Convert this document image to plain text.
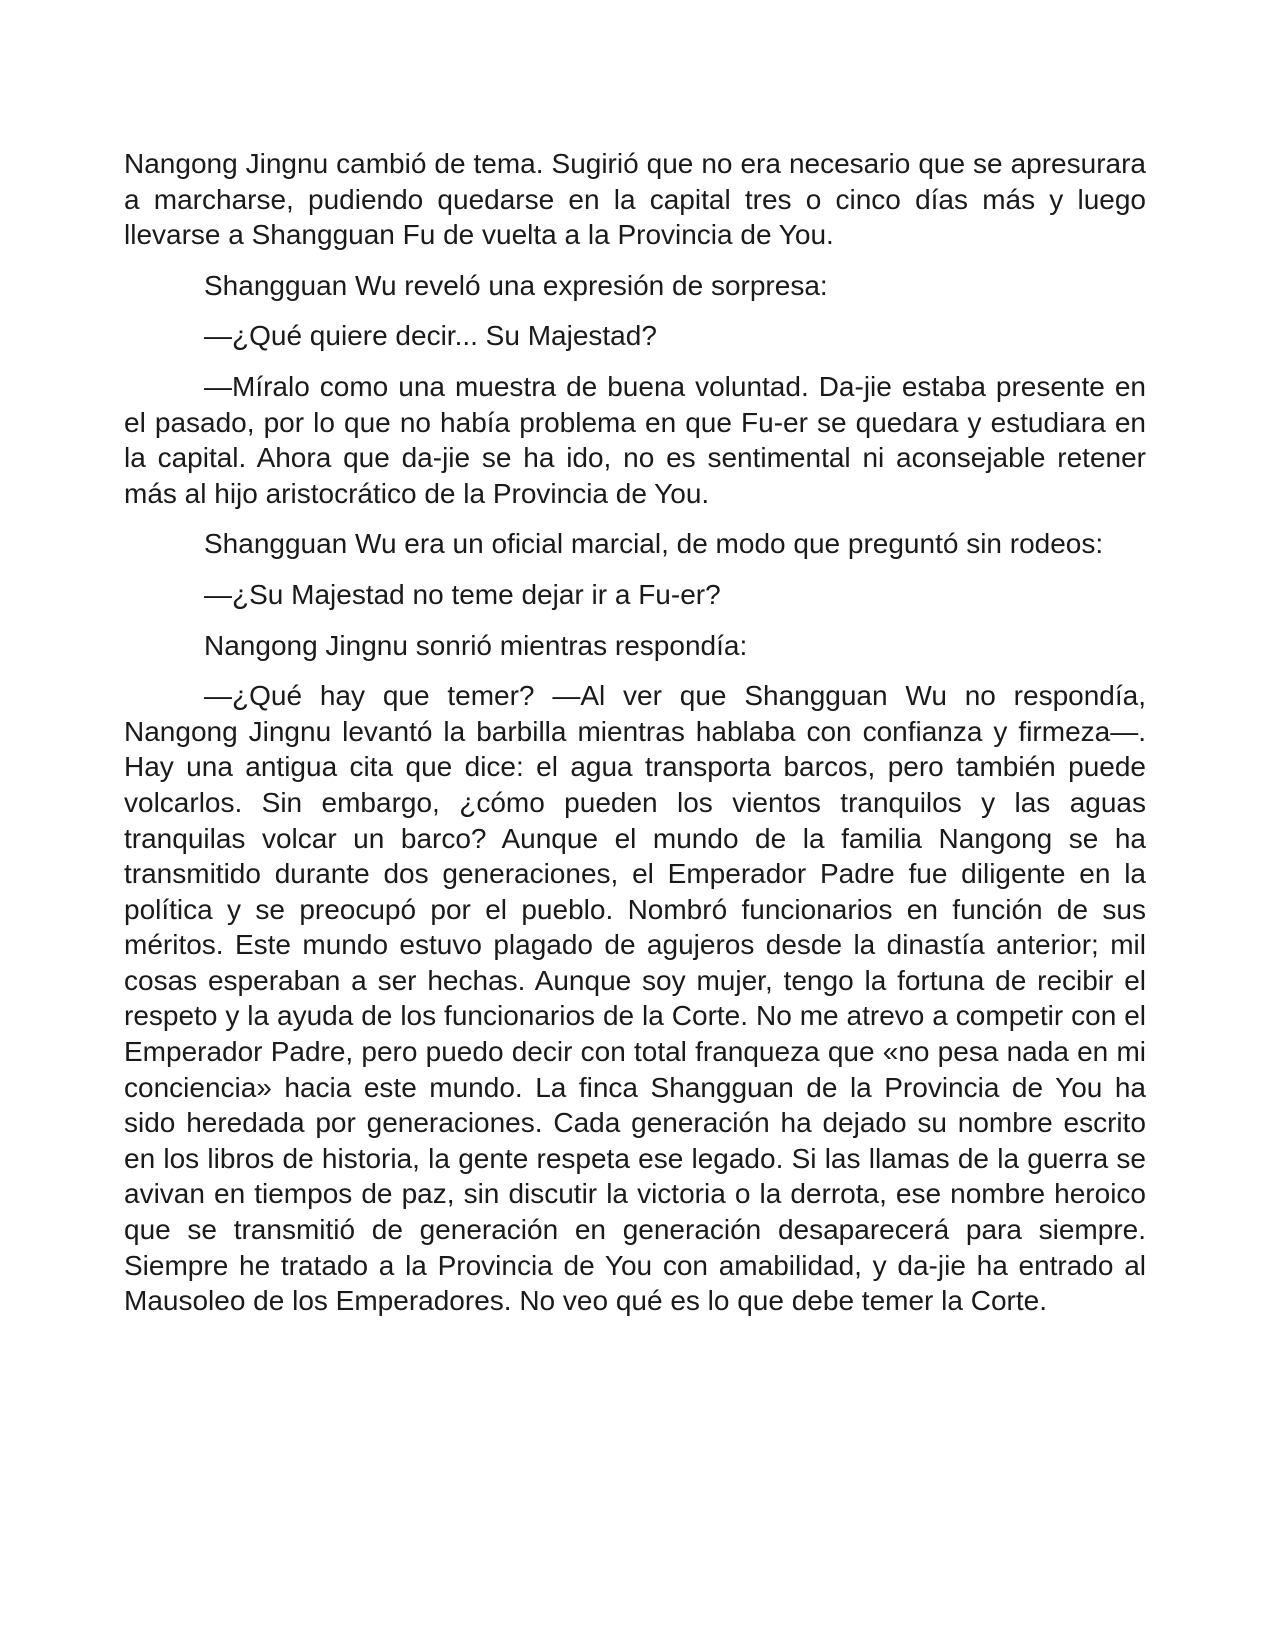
Nangong Jingnu cambió de tema. Sugirió que no era necesario que se apresurara a marcharse, pudiendo quedarse en la capital tres o cinco días más y luego llevarse a Shangguan Fu de vuelta a la Provincia de You.

Shangguan Wu reveló una expresión de sorpresa:

—¿Qué quiere decir... Su Majestad?

—Míralo como una muestra de buena voluntad. Da-jie estaba presente en el pasado, por lo que no había problema en que Fu-er se quedara y estudiara en la capital. Ahora que da-jie se ha ido, no es sentimental ni aconsejable retener más al hijo aristocrático de la Provincia de You.

Shangguan Wu era un oficial marcial, de modo que preguntó sin rodeos:

—¿Su Majestad no teme dejar ir a Fu-er?

Nangong Jingnu sonrió mientras respondía:

—¿Qué hay que temer? —Al ver que Shangguan Wu no respondía, Nangong Jingnu levantó la barbilla mientras hablaba con confianza y firmeza—. Hay una antigua cita que dice: el agua transporta barcos, pero también puede volcarlos. Sin embargo, ¿cómo pueden los vientos tranquilos y las aguas tranquilas volcar un barco? Aunque el mundo de la familia Nangong se ha transmitido durante dos generaciones, el Emperador Padre fue diligente en la política y se preocupó por el pueblo. Nombró funcionarios en función de sus méritos. Este mundo estuvo plagado de agujeros desde la dinastía anterior; mil cosas esperaban a ser hechas. Aunque soy mujer, tengo la fortuna de recibir el respeto y la ayuda de los funcionarios de la Corte. No me atrevo a competir con el Emperador Padre, pero puedo decir con total franqueza que «no pesa nada en mi conciencia» hacia este mundo. La finca Shangguan de la Provincia de You ha sido heredada por generaciones. Cada generación ha dejado su nombre escrito en los libros de historia, la gente respeta ese legado. Si las llamas de la guerra se avivan en tiempos de paz, sin discutir la victoria o la derrota, ese nombre heroico que se transmitió de generación en generación desaparecerá para siempre. Siempre he tratado a la Provincia de You con amabilidad, y da-jie ha entrado al Mausoleo de los Emperadores. No veo qué es lo que debe temer la Corte.
